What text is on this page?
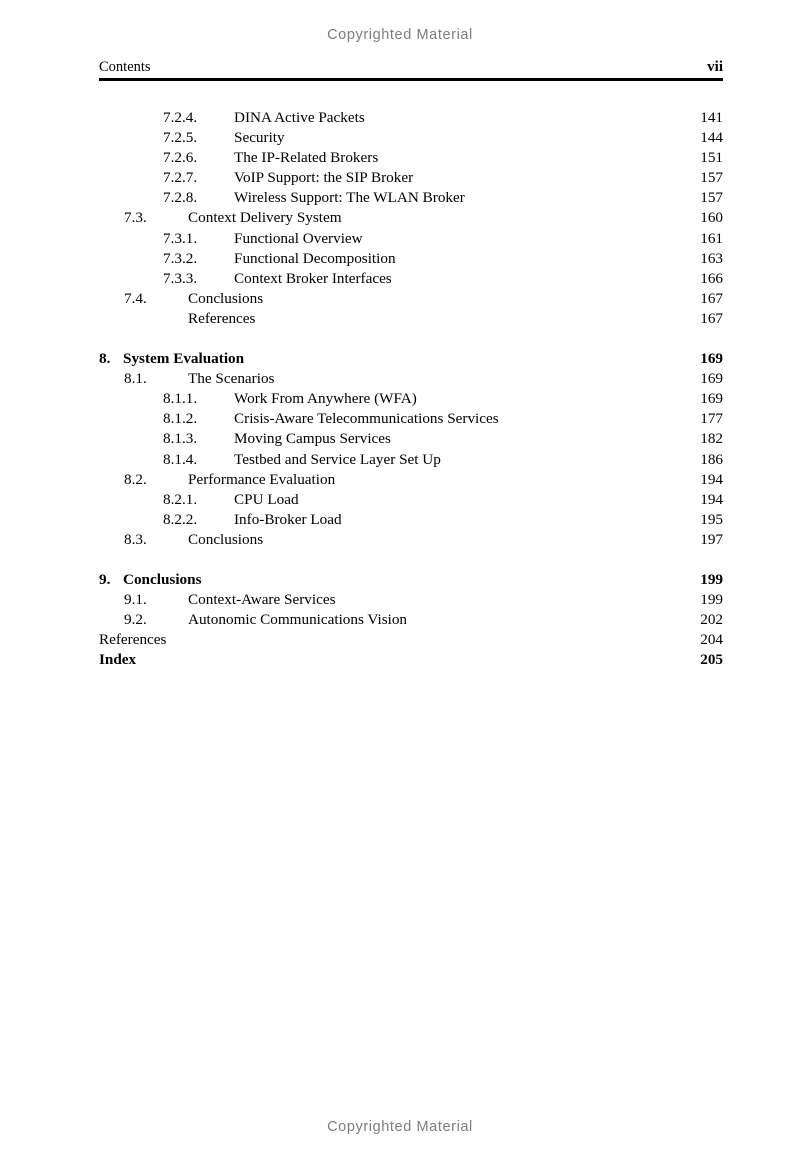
Copyrighted Material
Contents	vii
7.2.4.	DINA Active Packets	141
7.2.5.	Security	144
7.2.6.	The IP-Related Brokers	151
7.2.7.	VoIP Support: the SIP Broker	157
7.2.8.	Wireless Support: The WLAN Broker	157
7.3.	Context Delivery System	160
7.3.1.	Functional Overview	161
7.3.2.	Functional Decomposition	163
7.3.3.	Context Broker Interfaces	166
7.4.	Conclusions	167
References	167
8. System Evaluation	169
8.1.	The Scenarios	169
8.1.1.	Work From Anywhere (WFA)	169
8.1.2.	Crisis-Aware Telecommunications Services	177
8.1.3.	Moving Campus Services	182
8.1.4.	Testbed and Service Layer Set Up	186
8.2.	Performance Evaluation	194
8.2.1.	CPU Load	194
8.2.2.	Info-Broker Load	195
8.3.	Conclusions	197
9. Conclusions	199
9.1.	Context-Aware Services	199
9.2.	Autonomic Communications Vision	202
References	204
Index	205
Copyrighted Material
